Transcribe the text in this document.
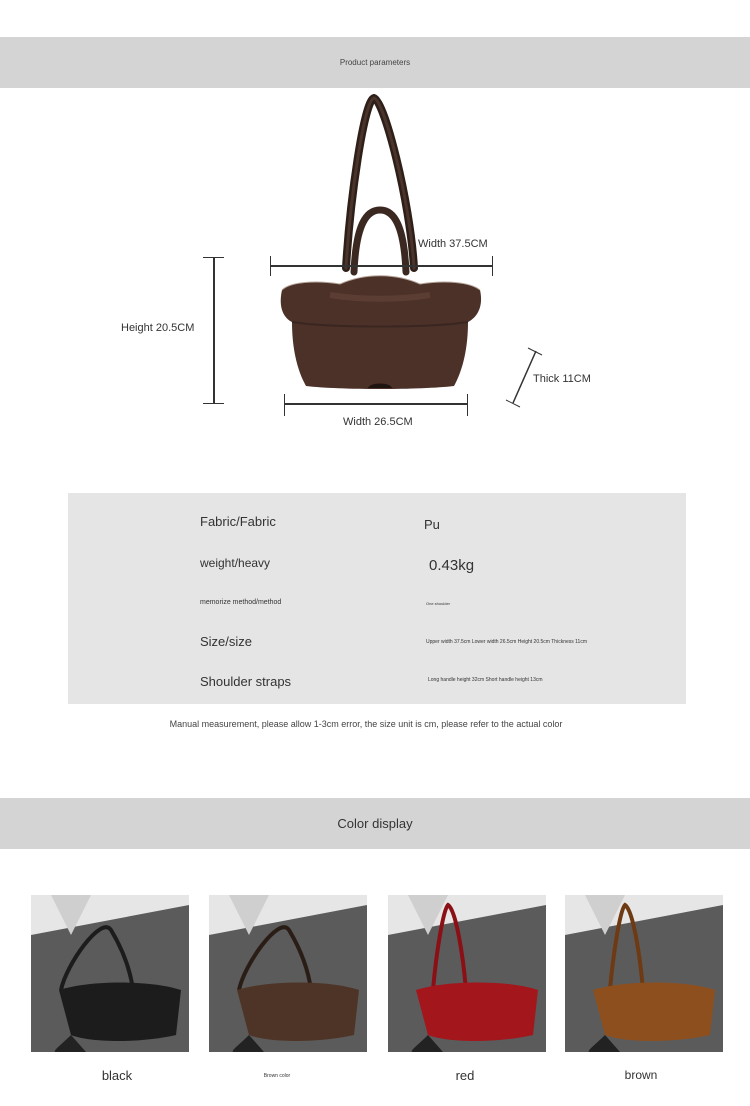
Product parameters
Width 37.5CM
Height 20.5CM
Width 26.5CM
Thick 11CM
Fabric/Fabric	Pu
weight/heavy	0.43kg
memorize method/method	One shoulder
Size/size	Upper width 37.5cm Lower width 26.5cm Height 20.5cm Thickness 11cm
Shoulder straps	Long handle height 32cm Short handle height 13cm
Manual measurement, please allow 1-3cm error, the size unit is cm, please refer to the actual color
Color display
black	Brown color	red	brown
